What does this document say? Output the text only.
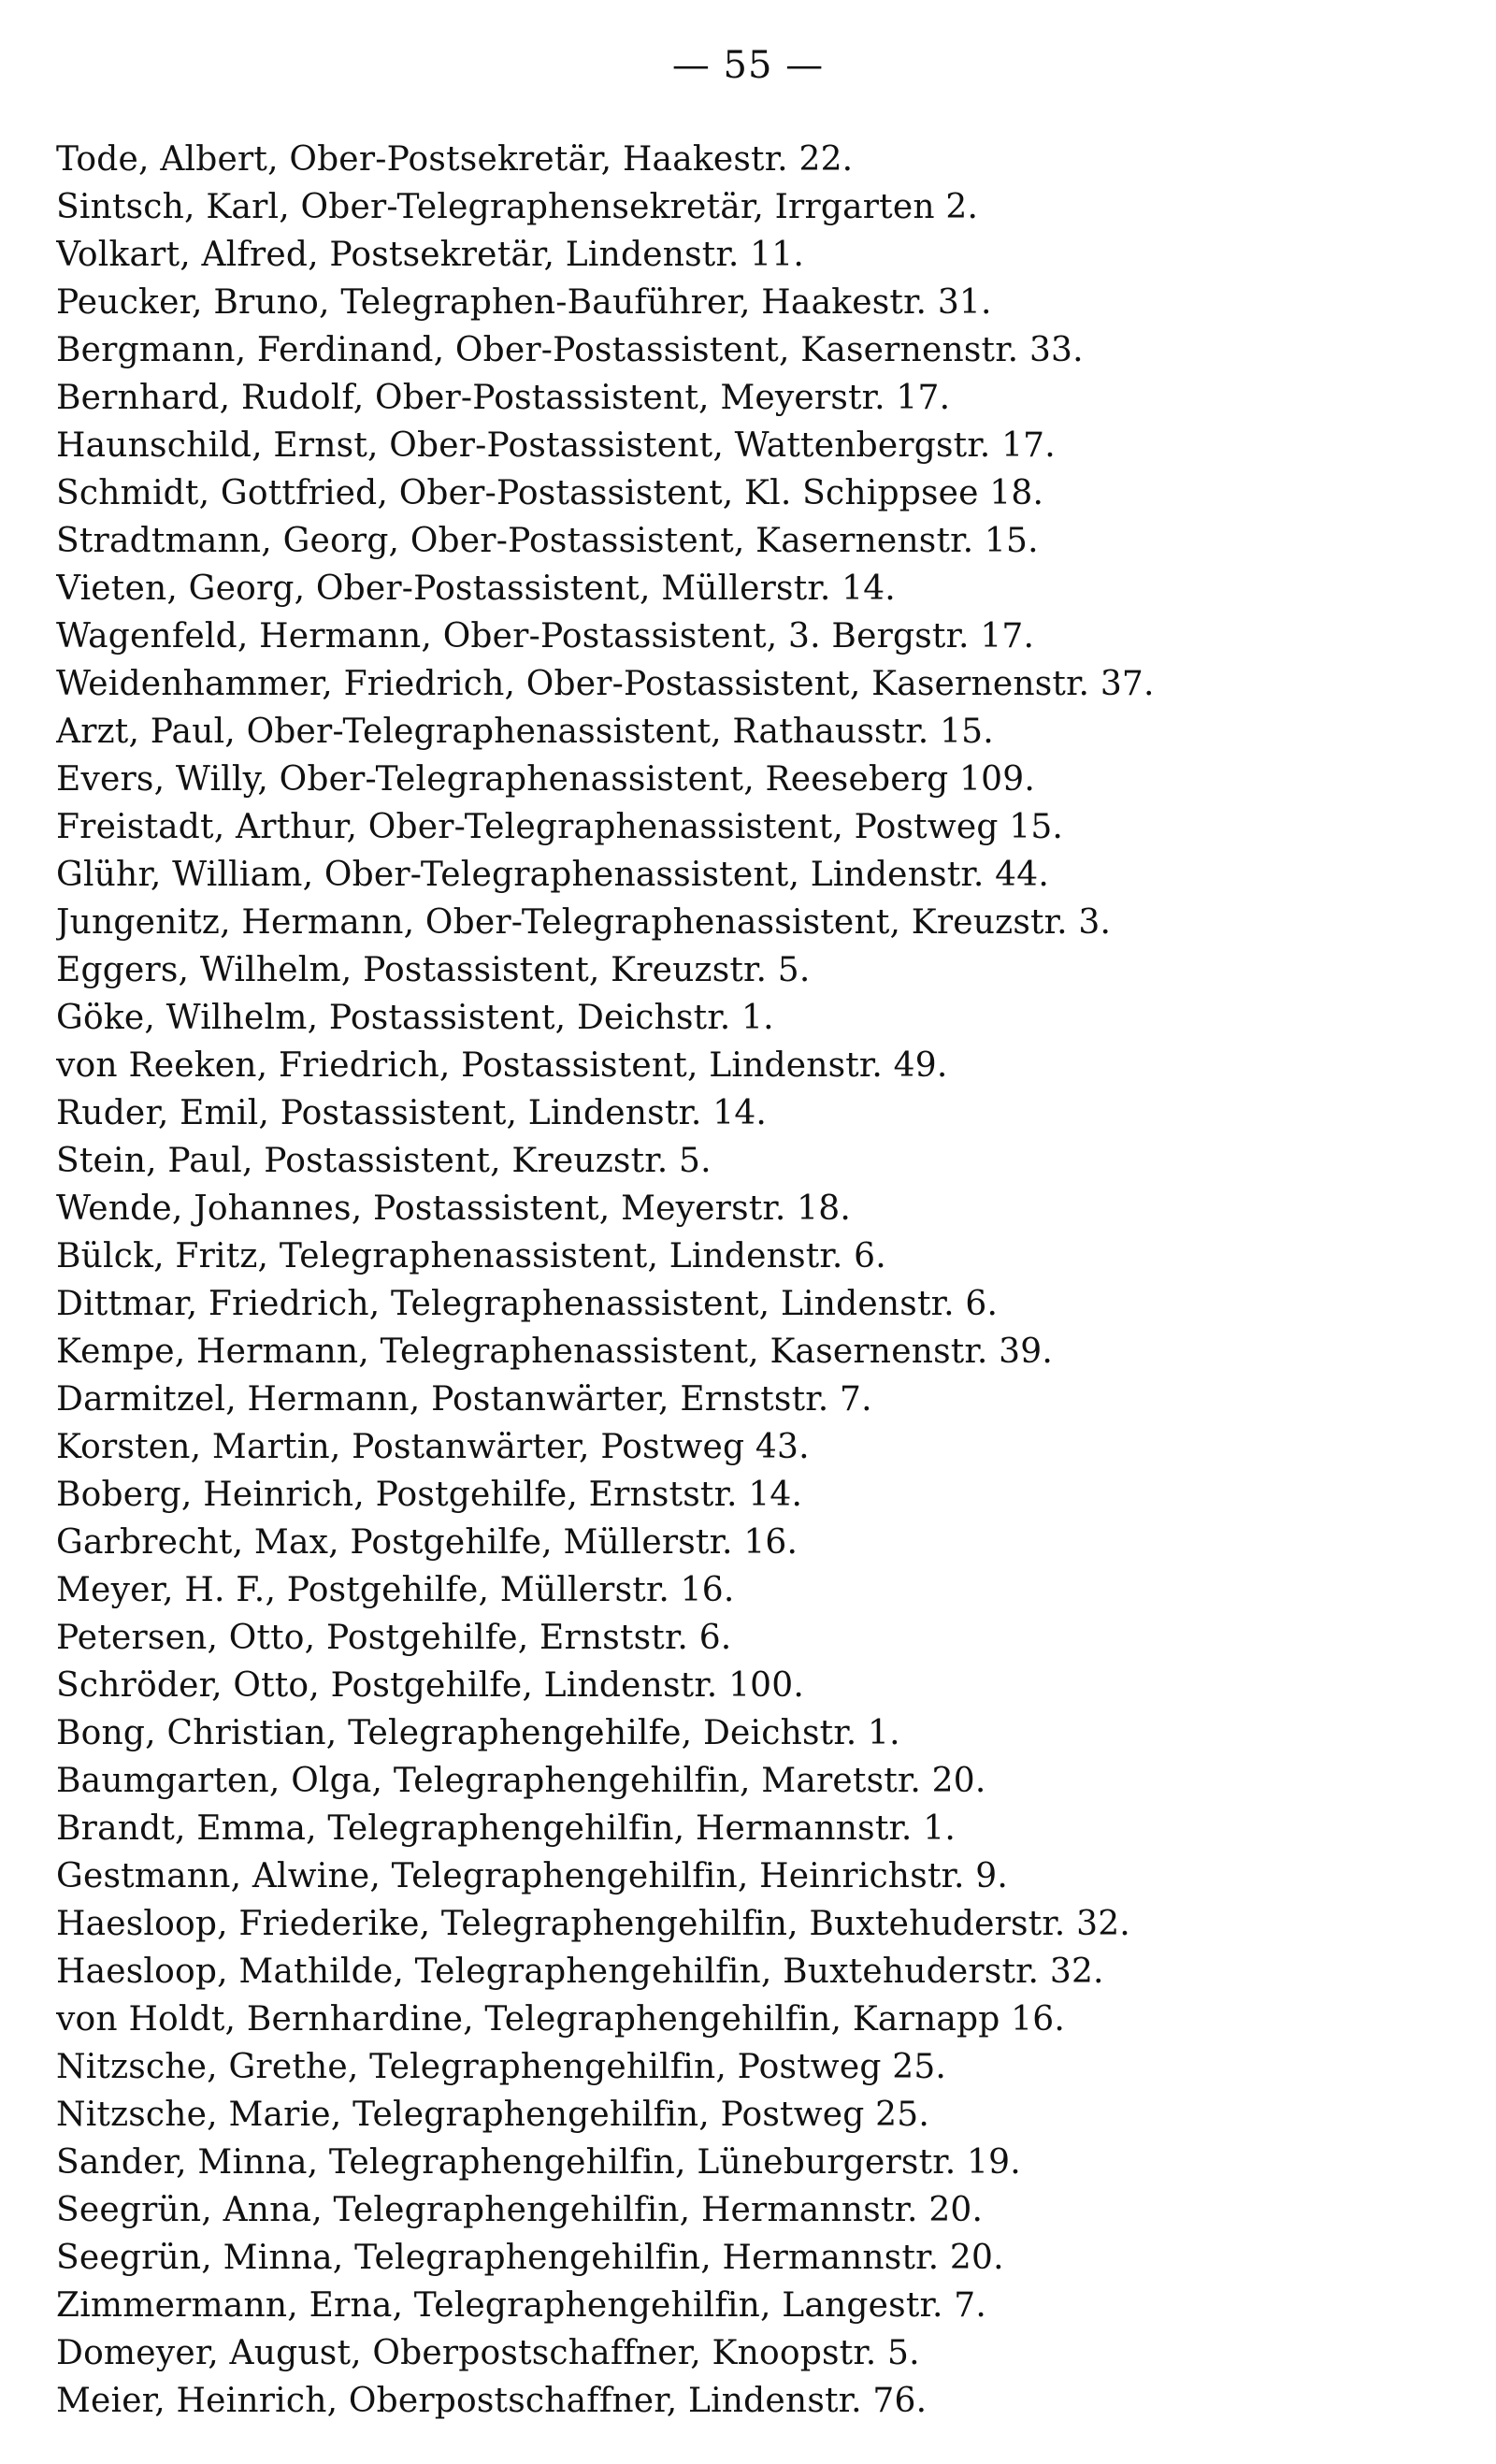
— 55 —
Tode, Albert, Ober-Postsekretär, Haakestr. 22.
Sintsch, Karl, Ober-Telegraphensekretär, Irrgarten 2.
Volkart, Alfred, Postsekretär, Lindenstr. 11.
Peucker, Bruno, Telegraphen-Bauführer, Haakestr. 31.
Bergmann, Ferdinand, Ober-Postassistent, Kasernenstr. 33.
Bernhard, Rudolf, Ober-Postassistent, Meyerstr. 17.
Haunschild, Ernst, Ober-Postassistent, Wattenbergstr. 17.
Schmidt, Gottfried, Ober-Postassistent, Kl. Schippsee 18.
Stradtmann, Georg, Ober-Postassistent, Kasernenstr. 15.
Vieten, Georg, Ober-Postassistent, Müllerstr. 14.
Wagenfeld, Hermann, Ober-Postassistent, 3. Bergstr. 17.
Weidenhammer, Friedrich, Ober-Postassistent, Kasernenstr. 37.
Arzt, Paul, Ober-Telegraphenassistent, Rathausstr. 15.
Evers, Willy, Ober-Telegraphenassistent, Reeseberg 109.
Freistadt, Arthur, Ober-Telegraphenassistent, Postweg 15.
Glühr, William, Ober-Telegraphenassistent, Lindenstr. 44.
Jungenitz, Hermann, Ober-Telegraphenassistent, Kreuzstr. 3.
Eggers, Wilhelm, Postassistent, Kreuzstr. 5.
Göke, Wilhelm, Postassistent, Deichstr. 1.
von Reeken, Friedrich, Postassistent, Lindenstr. 49.
Ruder, Emil, Postassistent, Lindenstr. 14.
Stein, Paul, Postassistent, Kreuzstr. 5.
Wende, Johannes, Postassistent, Meyerstr. 18.
Bülck, Fritz, Telegraphenassistent, Lindenstr. 6.
Dittmar, Friedrich, Telegraphenassistent, Lindenstr. 6.
Kempe, Hermann, Telegraphenassistent, Kasernenstr. 39.
Darmitzel, Hermann, Postanwärter, Ernststr. 7.
Korsten, Martin, Postanwärter, Postweg 43.
Boberg, Heinrich, Postgehilfe, Ernststr. 14.
Garbrecht, Max, Postgehilfe, Müllerstr. 16.
Meyer, H. F., Postgehilfe, Müllerstr. 16.
Petersen, Otto, Postgehilfe, Ernststr. 6.
Schröder, Otto, Postgehilfe, Lindenstr. 100.
Bong, Christian, Telegraphengehilfe, Deichstr. 1.
Baumgarten, Olga, Telegraphengehilfin, Maretstr. 20.
Brandt, Emma, Telegraphengehilfin, Hermannstr. 1.
Gestmann, Alwine, Telegraphengehilfin, Heinrichstr. 9.
Haesloop, Friederike, Telegraphengehilfin, Buxtehuderstr. 32.
Haesloop, Mathilde, Telegraphengehilfin, Buxtehuderstr. 32.
von Holdt, Bernhardine, Telegraphengehilfin, Karnapp 16.
Nitzsche, Grethe, Telegraphengehilfin, Postweg 25.
Nitzsche, Marie, Telegraphengehilfin, Postweg 25.
Sander, Minna, Telegraphengehilfin, Lüneburgerstr. 19.
Seegrün, Anna, Telegraphengehilfin, Hermannstr. 20.
Seegrün, Minna, Telegraphengehilfin, Hermannstr. 20.
Zimmermann, Erna, Telegraphengehilfin, Langestr. 7.
Domeyer, August, Oberpostschaffner, Knoopstr. 5.
Meier, Heinrich, Oberpostschaffner, Lindenstr. 76.
